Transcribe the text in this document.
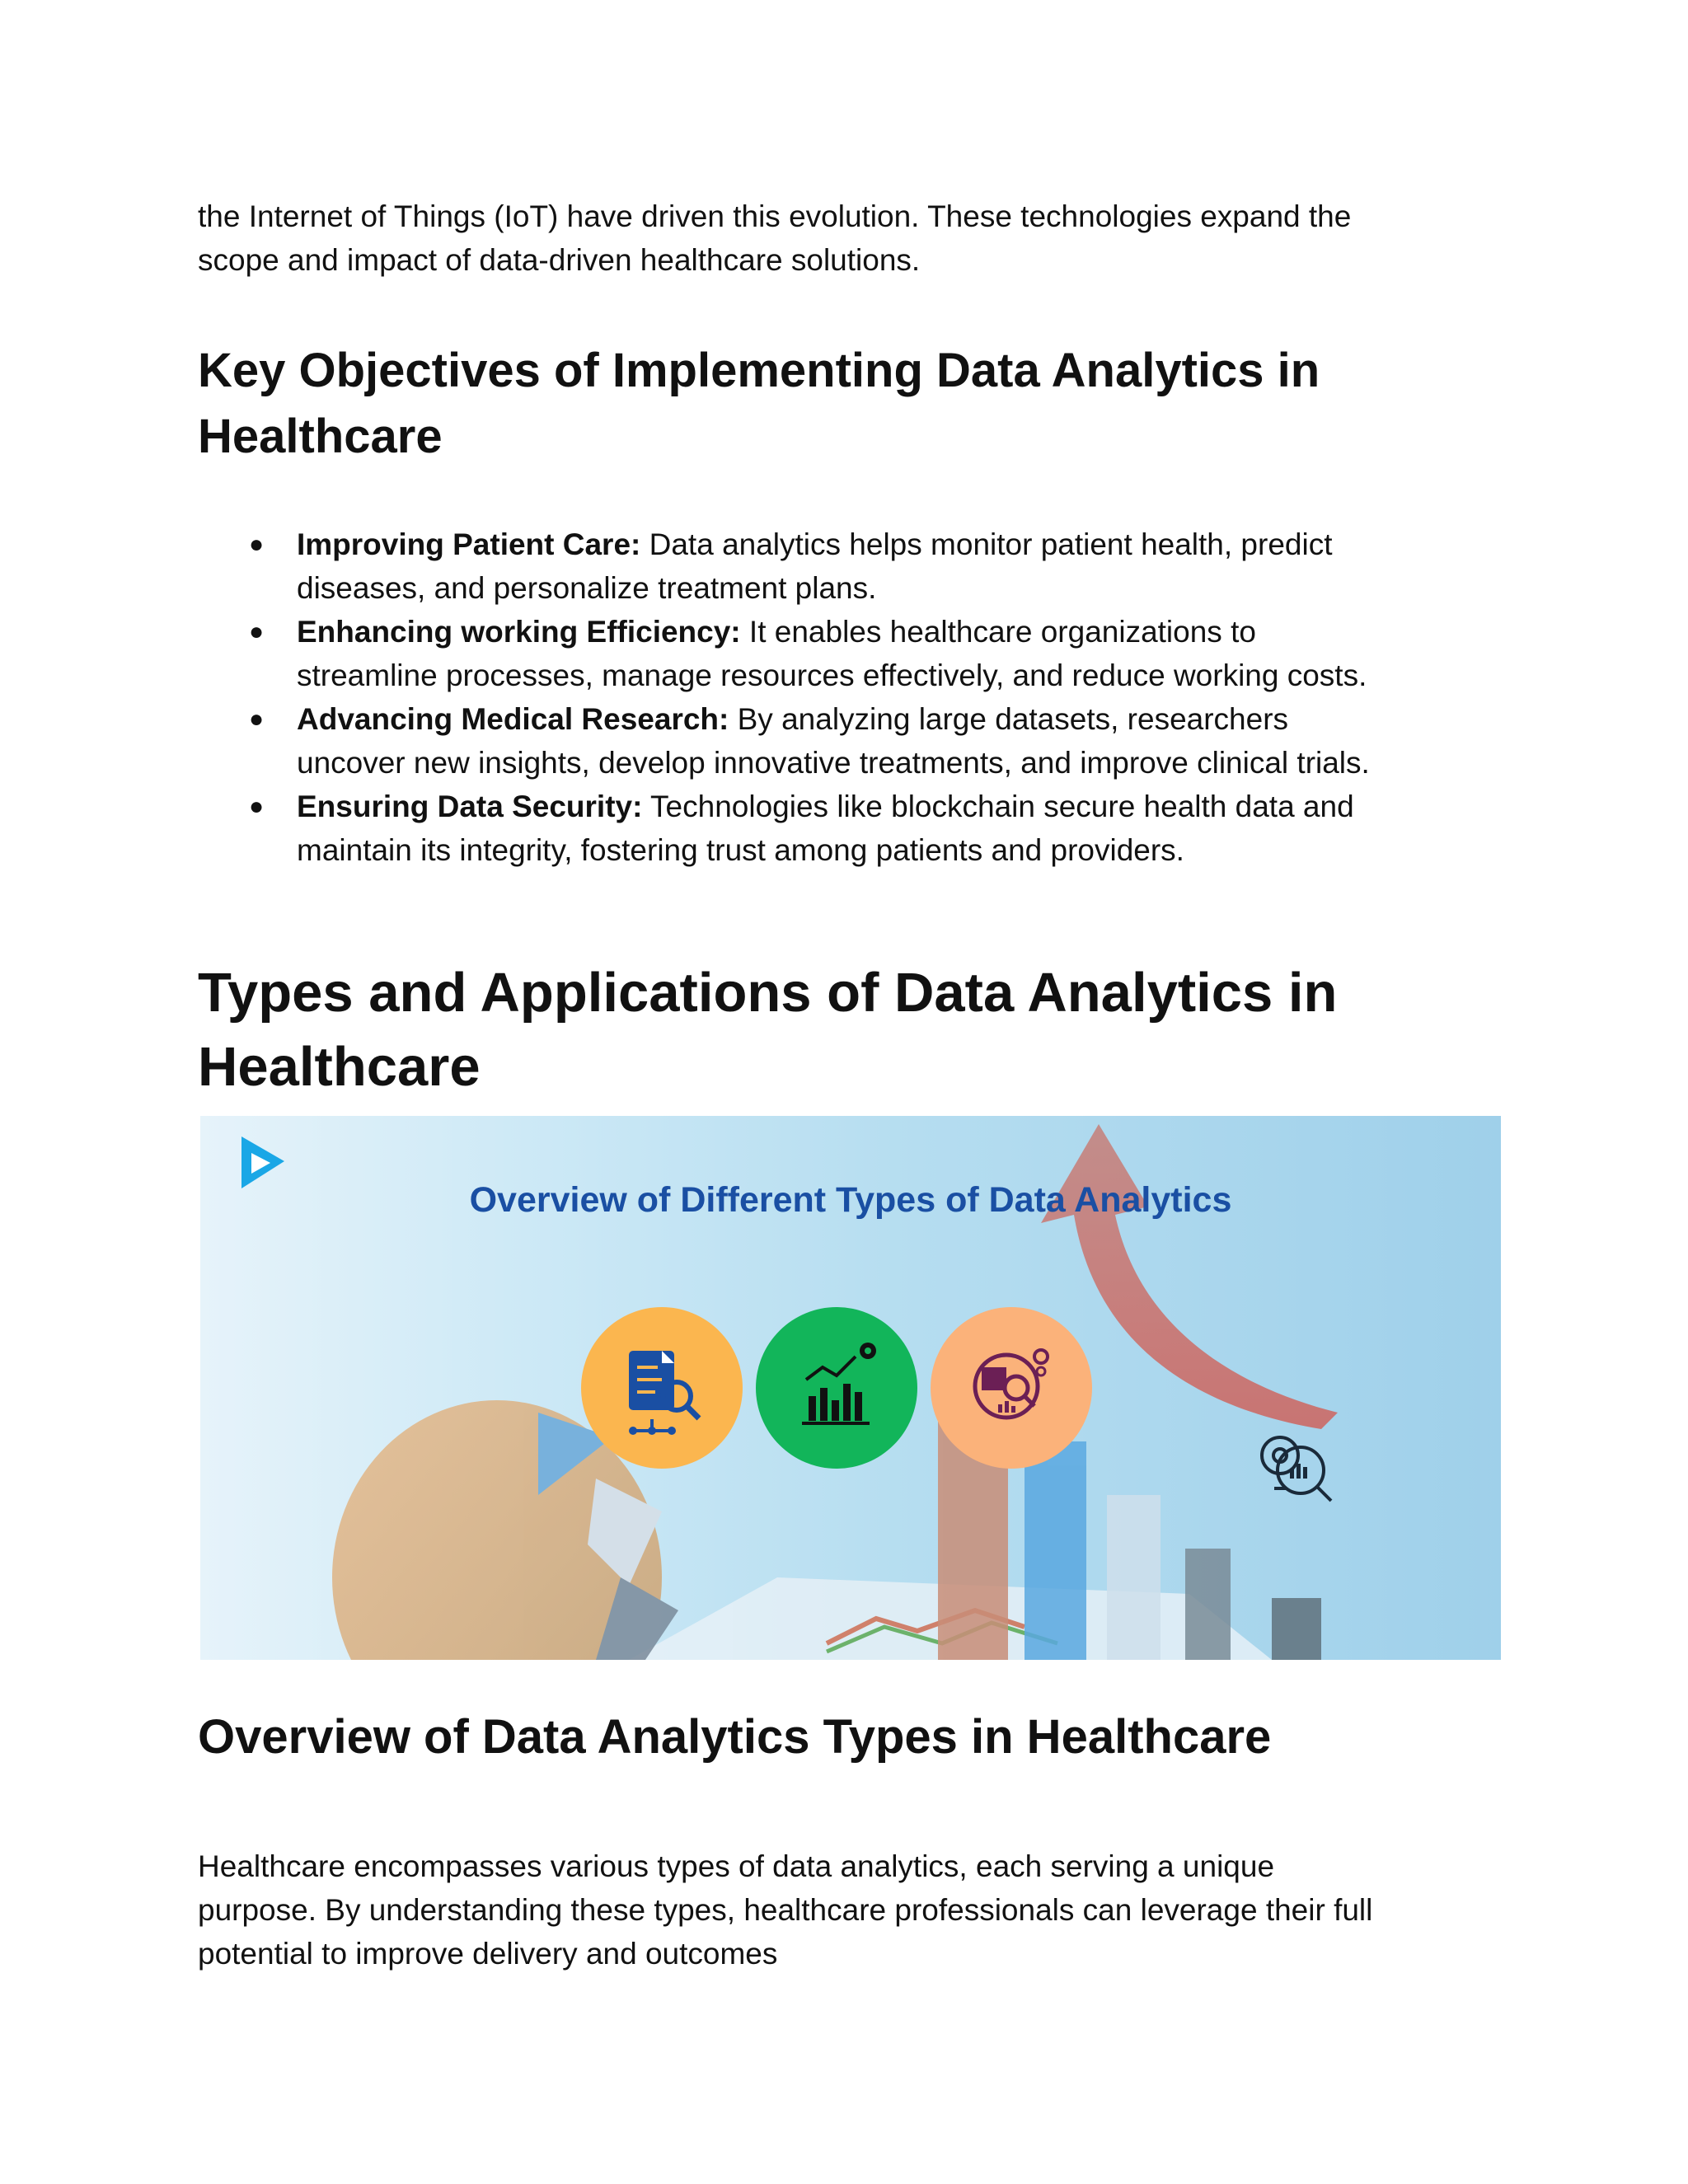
the Internet of Things (IoT) have driven this evolution. These technologies expand the
scope and impact of data-driven healthcare solutions.

Key Objectives of Implementing Data Analytics in
Healthcare
● Improving Patient Care: Data analytics helps monitor patient health, predict
diseases, and personalize treatment plans.
● Enhancing working Efficiency: It enables healthcare organizations to
streamline processes, manage resources effectively, and reduce working costs.
● Advancing Medical Research: By analyzing large datasets, researchers
uncover new insights, develop innovative treatments, and improve clinical trials.
● Ensuring Data Security: Technologies like blockchain secure health data and
maintain its integrity, fostering trust among patients and providers.
Types and Applications of Data Analytics in
Healthcare
Overview of Different Types of Data Analytics
Overview of Data Analytics Types in Healthcare

Healthcare encompasses various types of data analytics, each serving a unique
purpose. By understanding these types, healthcare professionals can leverage their full
potential to improve delivery and outcomes
